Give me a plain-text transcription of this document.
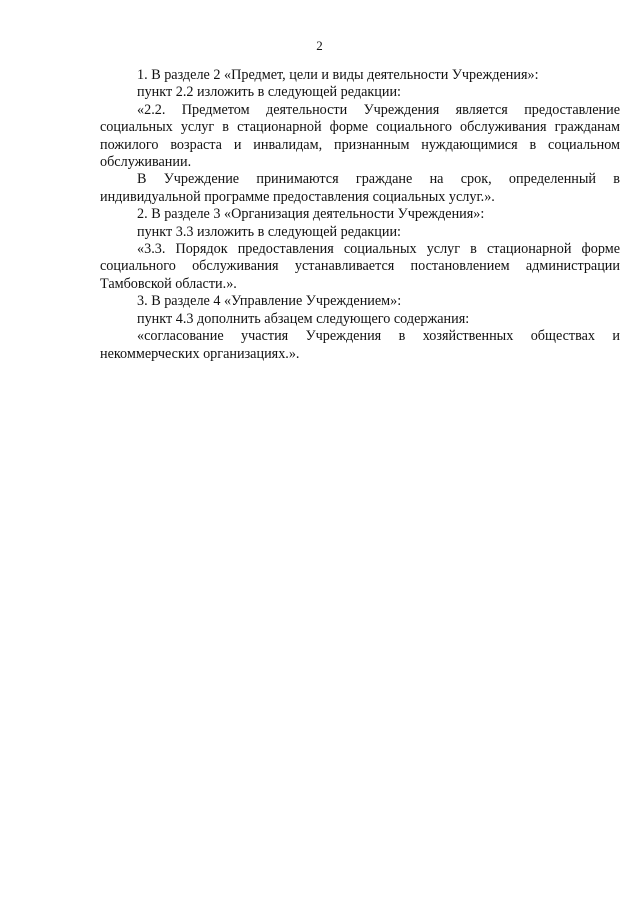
2

1. В разделе 2 «Предмет, цели и виды деятельности Учреждения»:

пункт 2.2 изложить в следующей редакции:

«2.2. Предметом деятельности Учреждения является предоставление социальных услуг в стационарной форме социального обслуживания гражданам пожилого возраста и инвалидам, признанным нуждающимися в социальном обслуживании.

В Учреждение принимаются граждане на срок, определенный в индивидуальной программе предоставления социальных услуг.».

2. В разделе 3 «Организация деятельности Учреждения»:

пункт 3.3 изложить в следующей редакции:

«3.3. Порядок предоставления социальных услуг в стационарной форме социального обслуживания устанавливается постановлением администрации Тамбовской области.».

3. В разделе 4 «Управление Учреждением»:

пункт 4.3 дополнить абзацем следующего содержания:

«согласование участия Учреждения в хозяйственных обществах и некоммерческих организациях.».
